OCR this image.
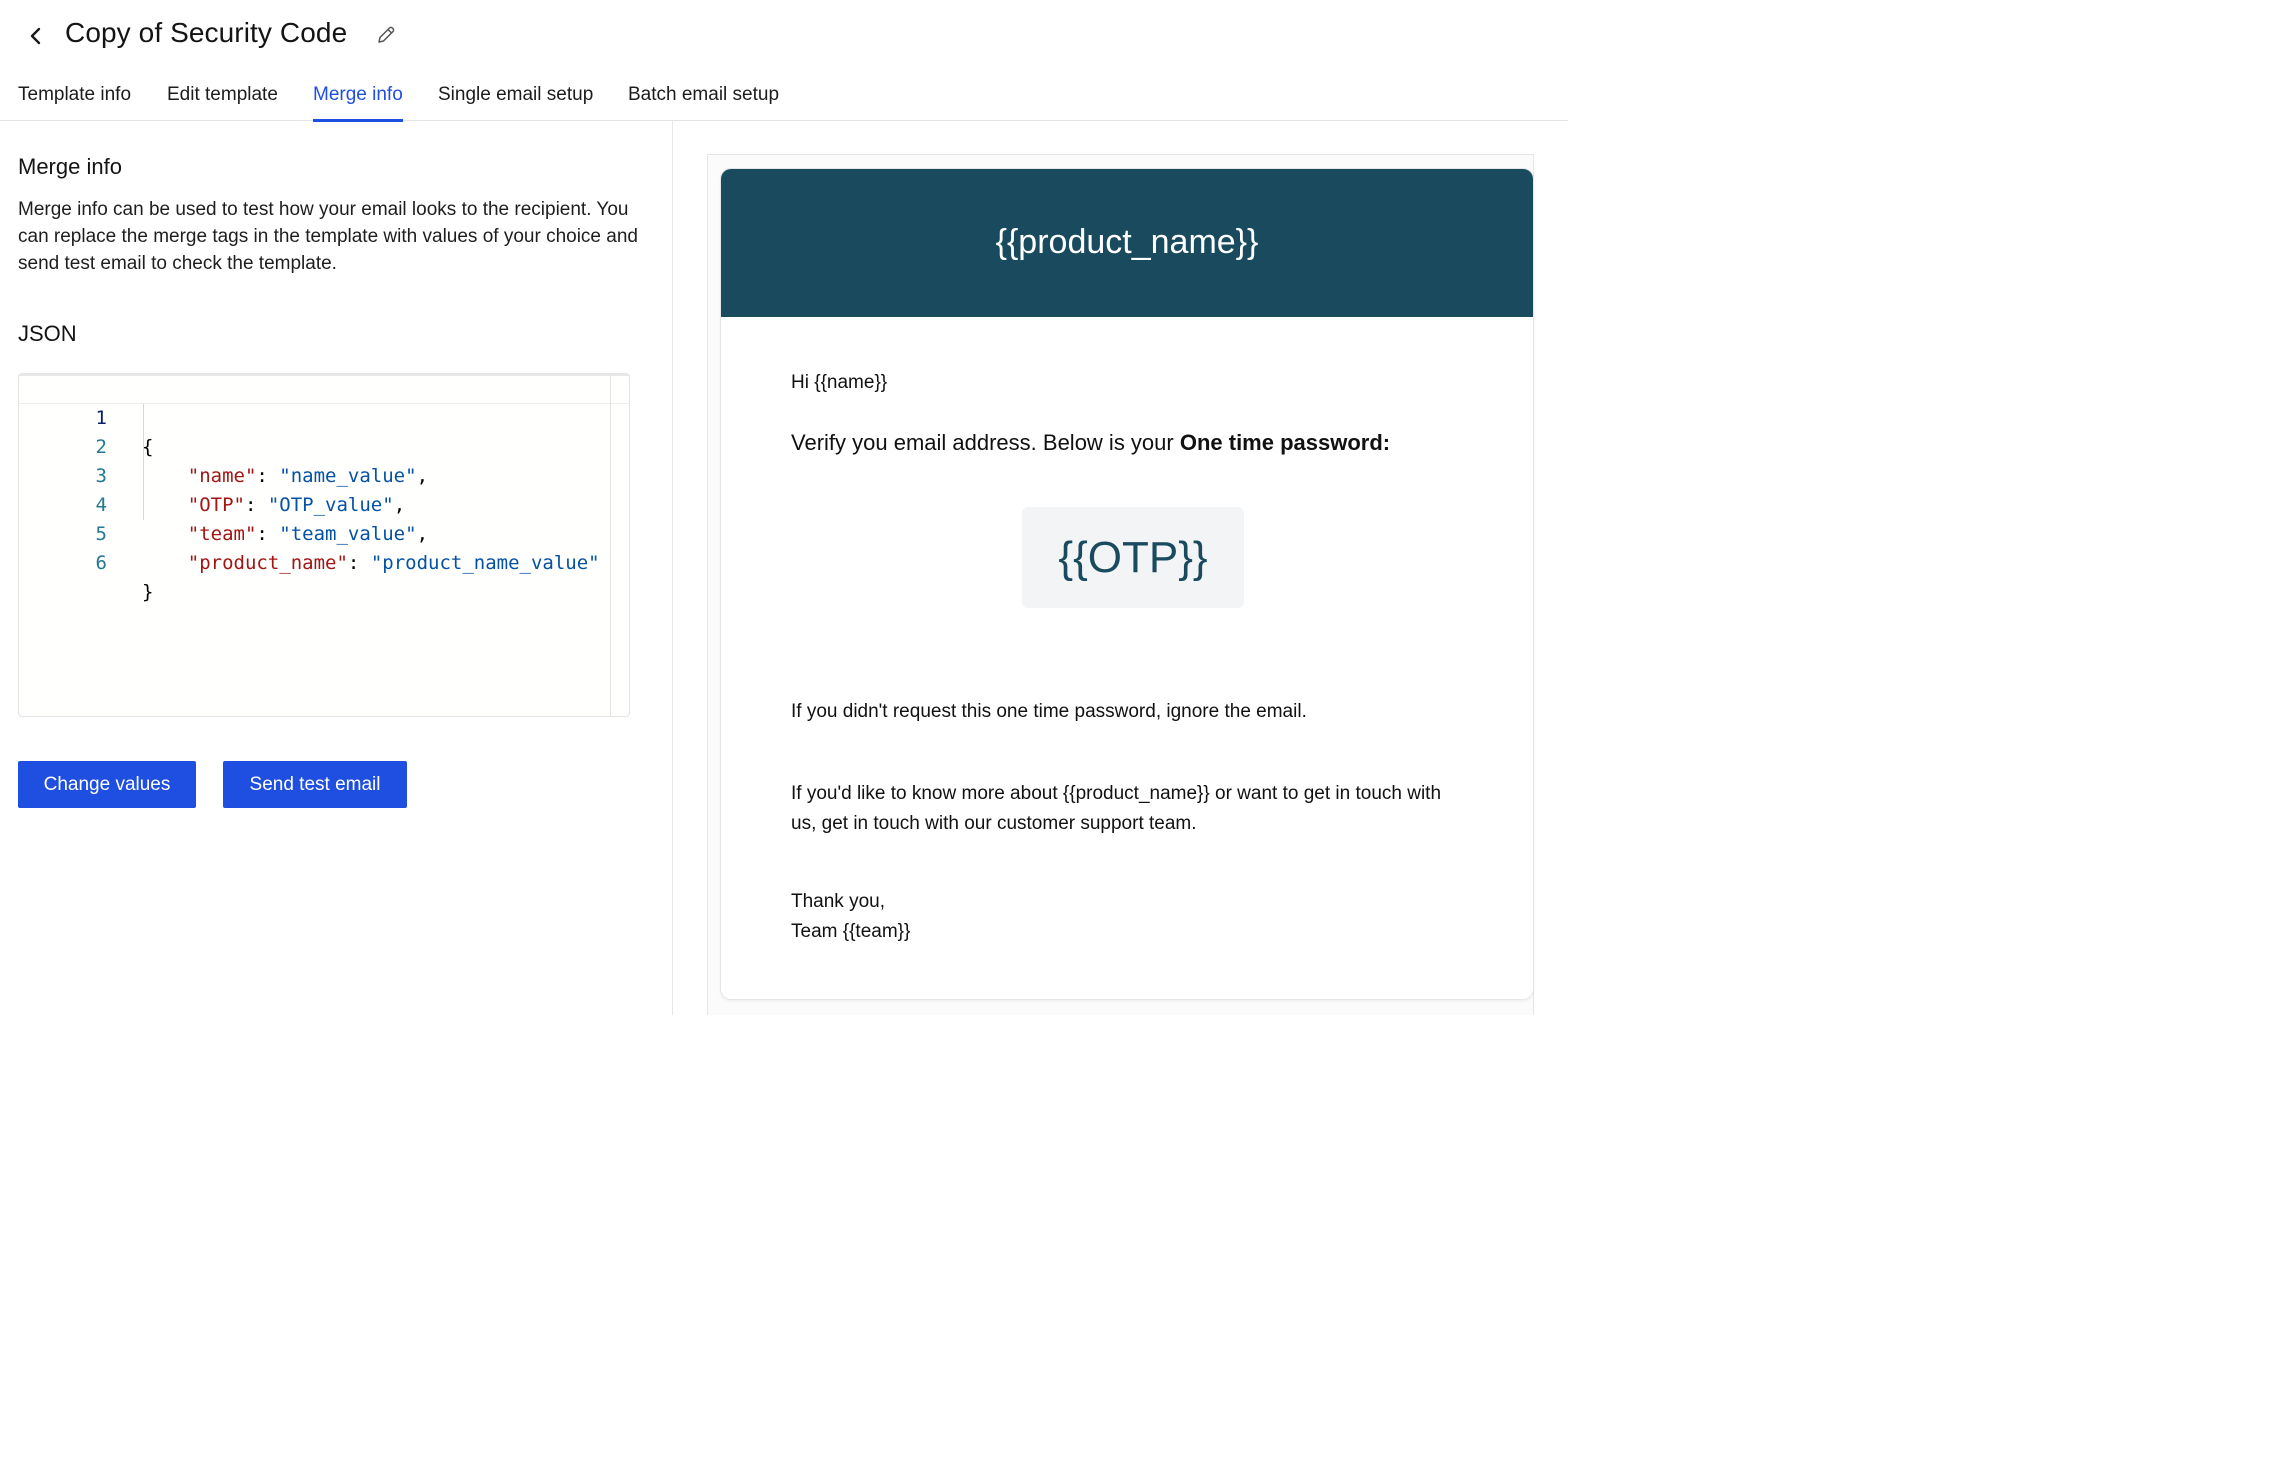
Copy of Security Code
Template info Edit template Merge info Single email setup Batch email setup
Merge info
Merge info can be used to test how your email looks to the recipient. You can replace the merge tags in the template with values of your choice and send test email to check the template.
JSON

1

{

2

"name": "name_value",

3

"OTP": "OTP_value",

4

"team": "team_value",

5

"product_name": "product_name_value"

6

}

Change values	Send test email
{{product_name}}
Hi {{name}}
Verify you email address. Below is your One time password:
{{OTP}}
If you didn't request this one time password, ignore the email.
If you'd like to know more about {{product_name}} or want to get in touch with
us, get in touch with our customer support team.
Thank you,
Team {{team}}
